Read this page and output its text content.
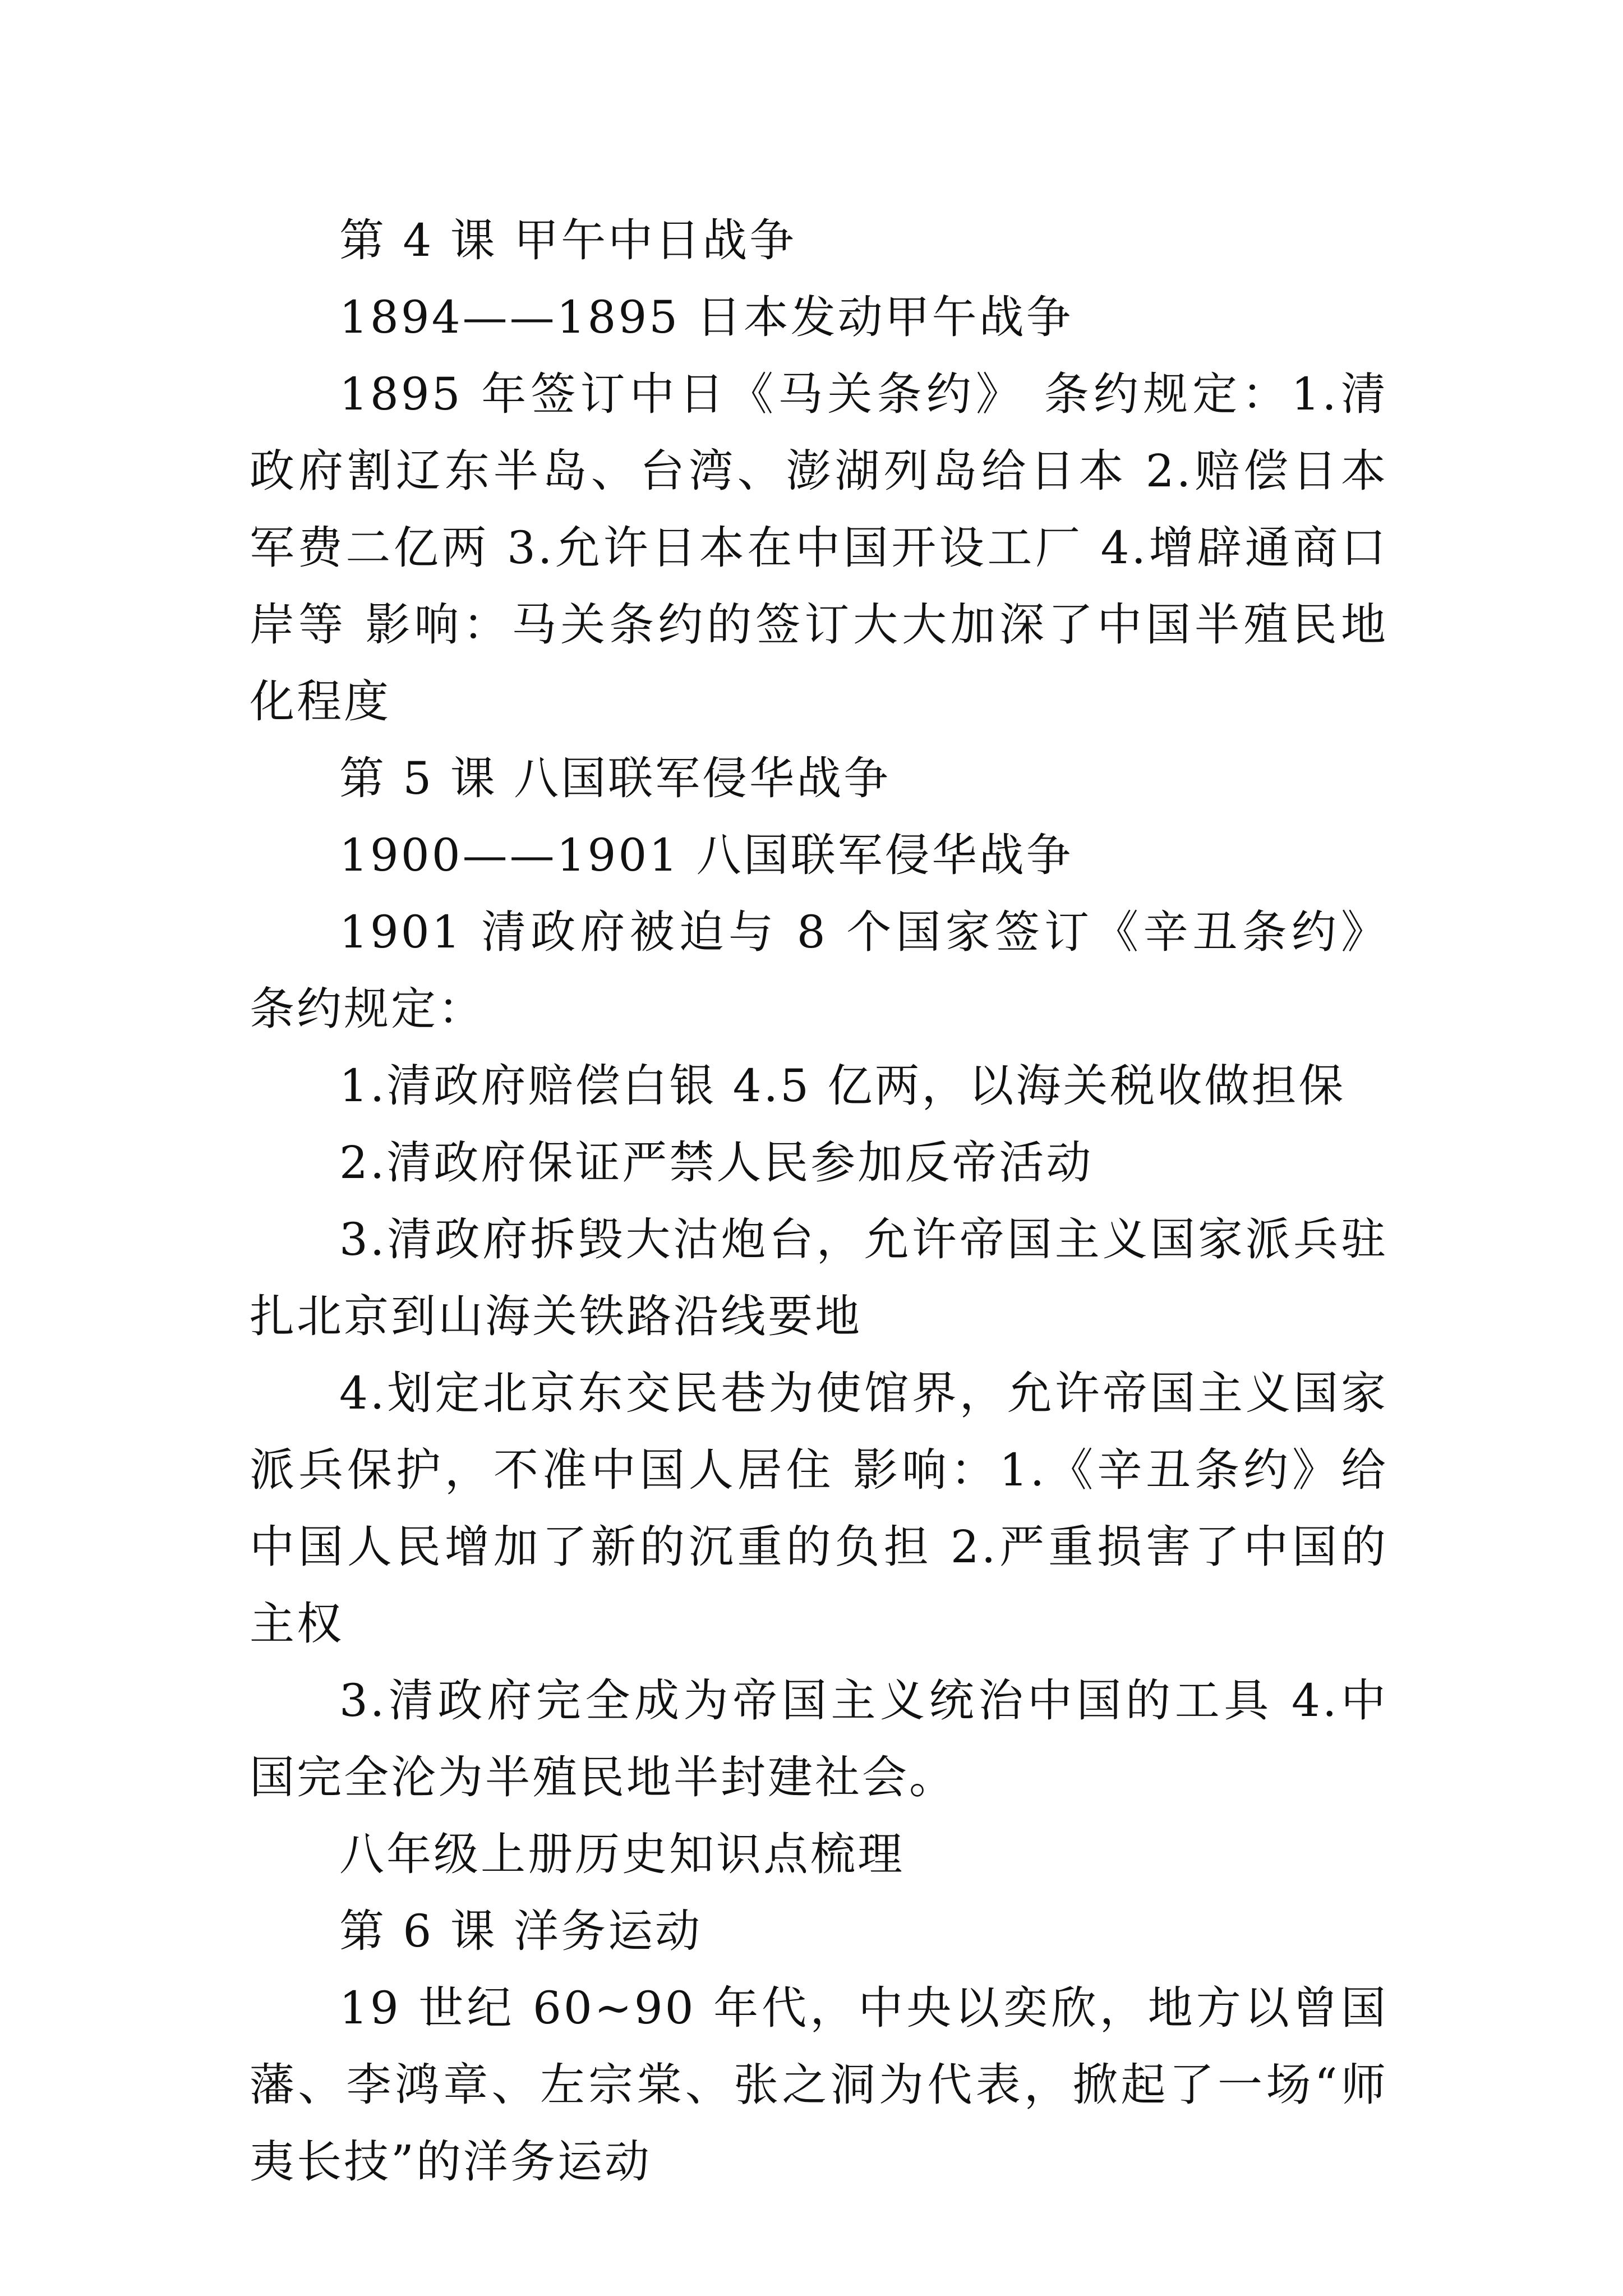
第 4 课 甲午中日战争

1894——1895 日本发动甲午战争

1895 年签订中日《马关条约》 条约规定：1.清政府割辽东半岛、台湾、澎湖列岛给日本 2.赔偿日本军费二亿两 3.允许日本在中国开设工厂 4.增辟通商口岸等 影响：马关条约的签订大大加深了中国半殖民地化程度

第 5 课 八国联军侵华战争

1900——1901 八国联军侵华战争

1901 清政府被迫与 8 个国家签订《辛丑条约》 条约规定：

1.清政府赔偿白银 4.5 亿两，以海关税收做担保

2.清政府保证严禁人民参加反帝活动

3.清政府拆毁大沽炮台，允许帝国主义国家派兵驻扎北京到山海关铁路沿线要地

4.划定北京东交民巷为使馆界，允许帝国主义国家派兵保护，不准中国人居住 影响：1.《辛丑条约》给中国人民增加了新的沉重的负担 2.严重损害了中国的主权

3.清政府完全成为帝国主义统治中国的工具 4.中国完全沦为半殖民地半封建社会。

八年级上册历史知识点梳理

第 6 课 洋务运动

19 世纪 60~90 年代，中央以奕欣，地方以曾国藩、李鸿章、左宗棠、张之洞为代表，掀起了一场“师夷长技”的洋务运动
